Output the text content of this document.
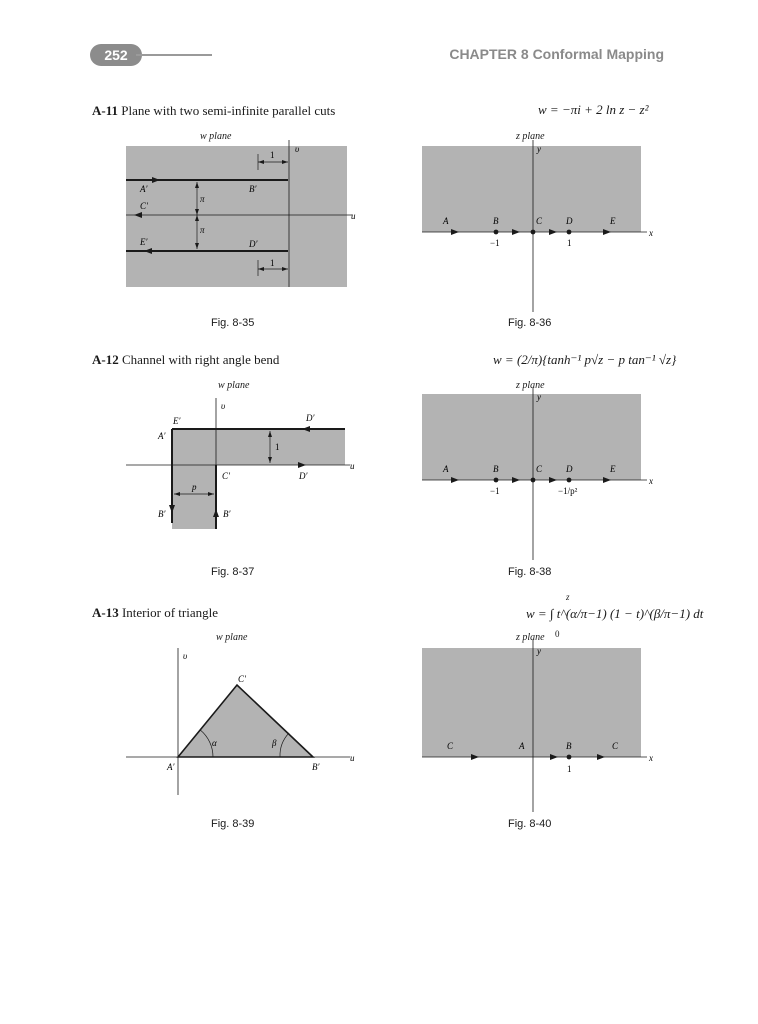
252	CHAPTER 8 Conformal Mapping
A-11 Plane with two semi-infinite parallel cuts	w = −πi + 2 ln z − z²
w plane	z plane
1
1
π
π
A′	B′
C′
E′	D′
u
υ
Fig. 8-35
A	B	C	D	E
−1	1
x
y
Fig. 8-36
A-12 Channel with right angle bend	w = (2/π){tanh⁻¹ p√z − p tan⁻¹ √z}
w plane	z plane
1
p
E′
A′
D′
D′
C′
B′	B′
u
υ
Fig. 8-37
A	B	C	D	E
−1	−1/p²
x
y
Fig. 8-38
A-13 Interior of triangle	w = ∫ t^(α/π−1) (1 − t)^(β/π−1) dt
z
0
w plane	z plane
α	β
C′
A′	B′
u
υ
Fig. 8-39
C	A	B	C
1
x
y
Fig. 8-40
